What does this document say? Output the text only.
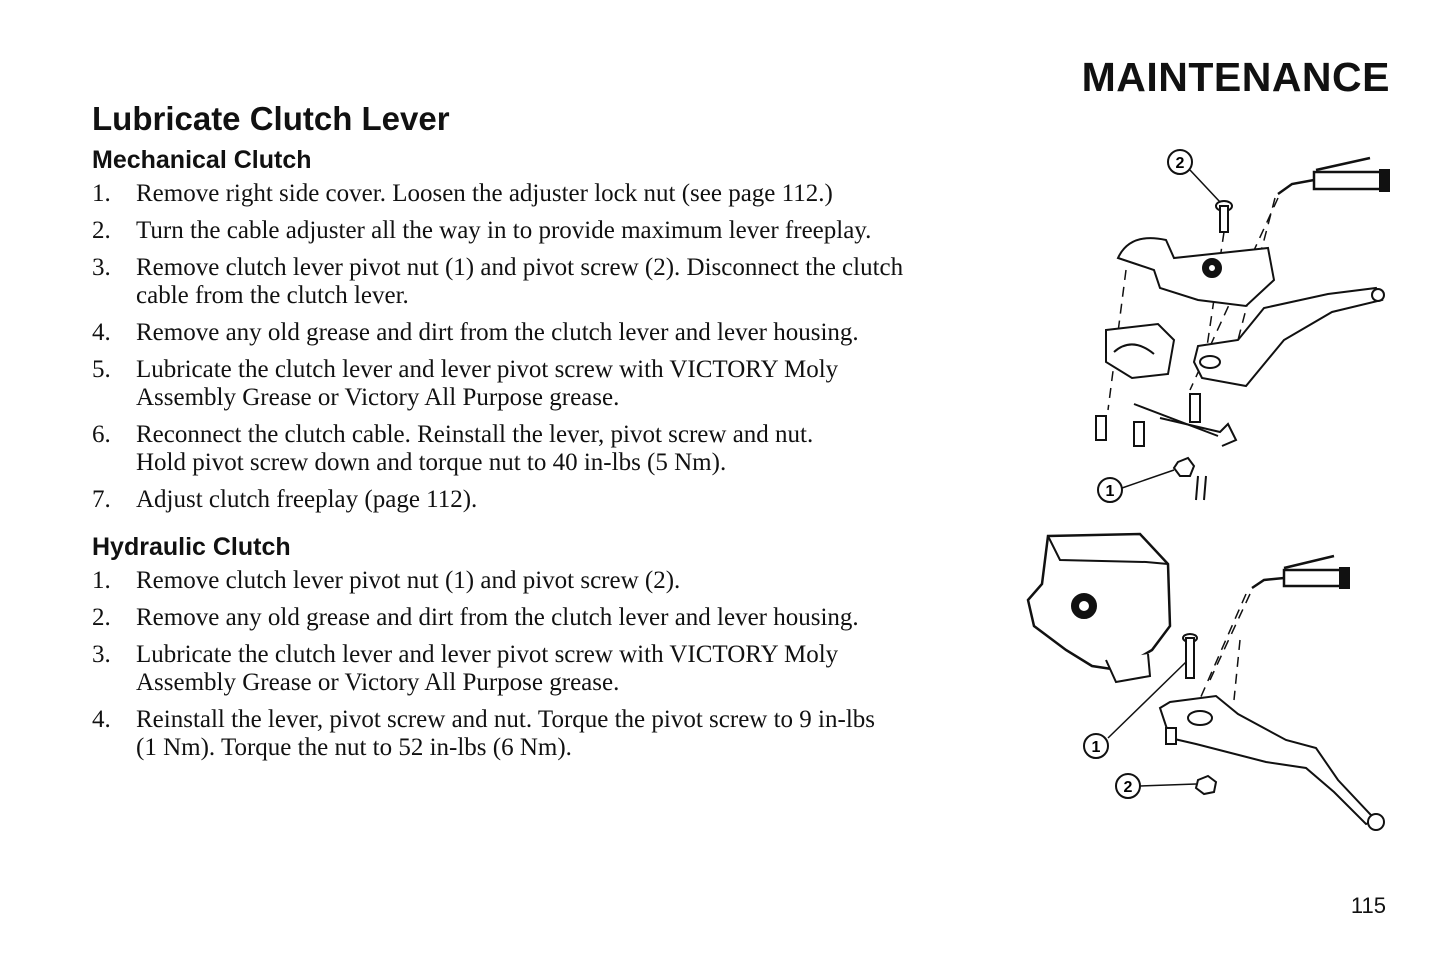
MAINTENANCE
Lubricate Clutch Lever
Mechanical Clutch
1.	Remove right side cover. Loosen the adjuster lock nut (see page 112.)
2.	Turn the cable adjuster all the way in to provide maximum lever freeplay.
3.	Remove clutch lever pivot nut (1) and pivot screw (2). Disconnect the clutch
cable from the clutch lever.
4.	Remove any old grease and dirt from the clutch lever and lever housing.
5.	Lubricate the clutch lever and lever pivot screw with VICTORY Moly
Assembly Grease or Victory All Purpose grease.
6.	Reconnect the clutch cable. Reinstall the lever, pivot screw and nut.
Hold pivot screw down and torque nut to 40 in-lbs (5 Nm).
7.	Adjust clutch freeplay (page 112).
Hydraulic Clutch
1.	Remove clutch lever pivot nut (1) and pivot screw (2).
2.	Remove any old grease and dirt from the clutch lever and lever housing.
3.	Lubricate the clutch lever and lever pivot screw with VICTORY Moly
Assembly Grease or Victory All Purpose grease.
4.	Reinstall the lever, pivot screw and nut. Torque the pivot screw to 9 in-lbs
(1 Nm). Torque the nut to 52 in-lbs (6 Nm).
2
1
1
2
115
